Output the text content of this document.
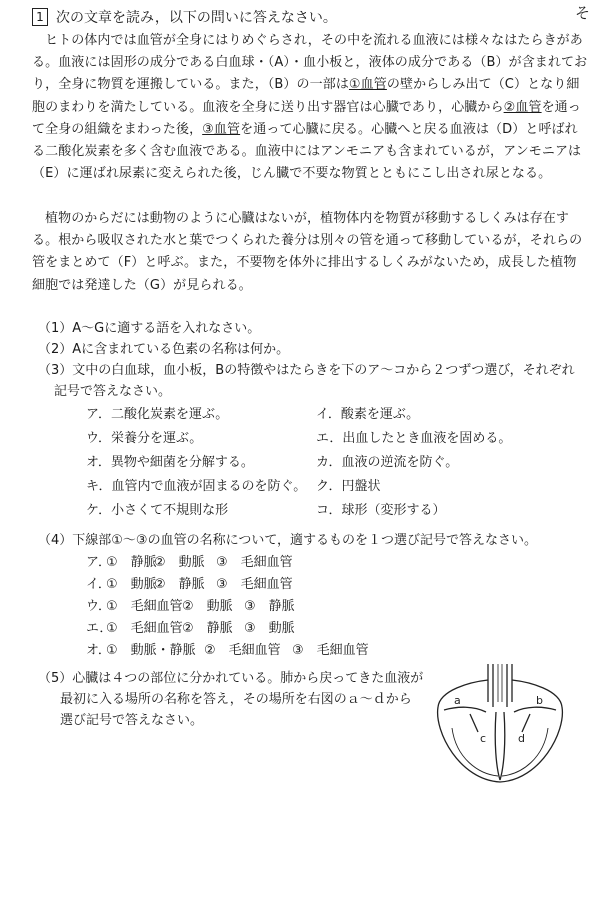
そ
1 次の文章を読み，以下の問いに答えなさい。
ヒトの体内では血管が全身にはりめぐらされ，その中を流れる血液には様々なはたらきがある。血液には固形の成分である白血球・（A）・血小板と，液体の成分である（B）が含まれており，全身に物質を運搬している。また，（B）の一部は①血管の壁からしみ出て（C）となり細胞のまわりを満たしている。血液を全身に送り出す器官は心臓であり，心臓から②血管を通って全身の組織をまわった後，③血管を通って心臓に戻る。心臓へと戻る血液は（D）と呼ばれる二酸化炭素を多く含む血液である。血液中にはアンモニアも含まれているが，アンモニアは（E）に運ばれ尿素に変えられた後，じん臓で不要な物質とともにこし出され尿となる。
植物のからだには動物のように心臓はないが，植物体内を物質が移動するしくみは存在する。根から吸収された水と葉でつくられた養分は別々の管を通って移動しているが，それらの管をまとめて（F）と呼ぶ。また，不要物を体外に排出するしくみがないため，成長した植物細胞では発達した（G）が見られる。

（1）A～Gに適する語を入れなさい。

（2）Aに含まれている色素の名称は何か。

（3）文中の白血球，血小板，Bの特徴やはたらきを下のア～コから２つずつ選び，それぞれ

記号で答えなさい。

ア．二酸化炭素を運ぶ。	イ．酸素を運ぶ。
ウ．栄養分を運ぶ。	エ．出血したとき血液を固める。
オ．異物や細菌を分解する。	カ．血液の逆流を防ぐ。
キ．血管内で血液が固まるのを防ぐ。 ク．円盤状
ケ．小さくて不規則な形	コ．球形（変形する）

（4）下線部①～③の血管の名称について，適するものを１つ選び記号で答えなさい。

ア．①　静脈②　動脈 ③　毛細血管
イ．①　動脈②　静脈 ③　毛細血管
ウ．①　毛細血管②　動脈 ③　静脈
エ．①　毛細血管②　静脈 ③　動脈
オ．①　動脈・静脈 ②　毛細血管 ③　毛細血管
（5）心臓は４つの部位に分かれている。肺から戻ってきた血液が
最初に入る場所の名称を答え，その場所を右図のａ～ｄから
選び記号で答えなさい。
a	b
c	d
